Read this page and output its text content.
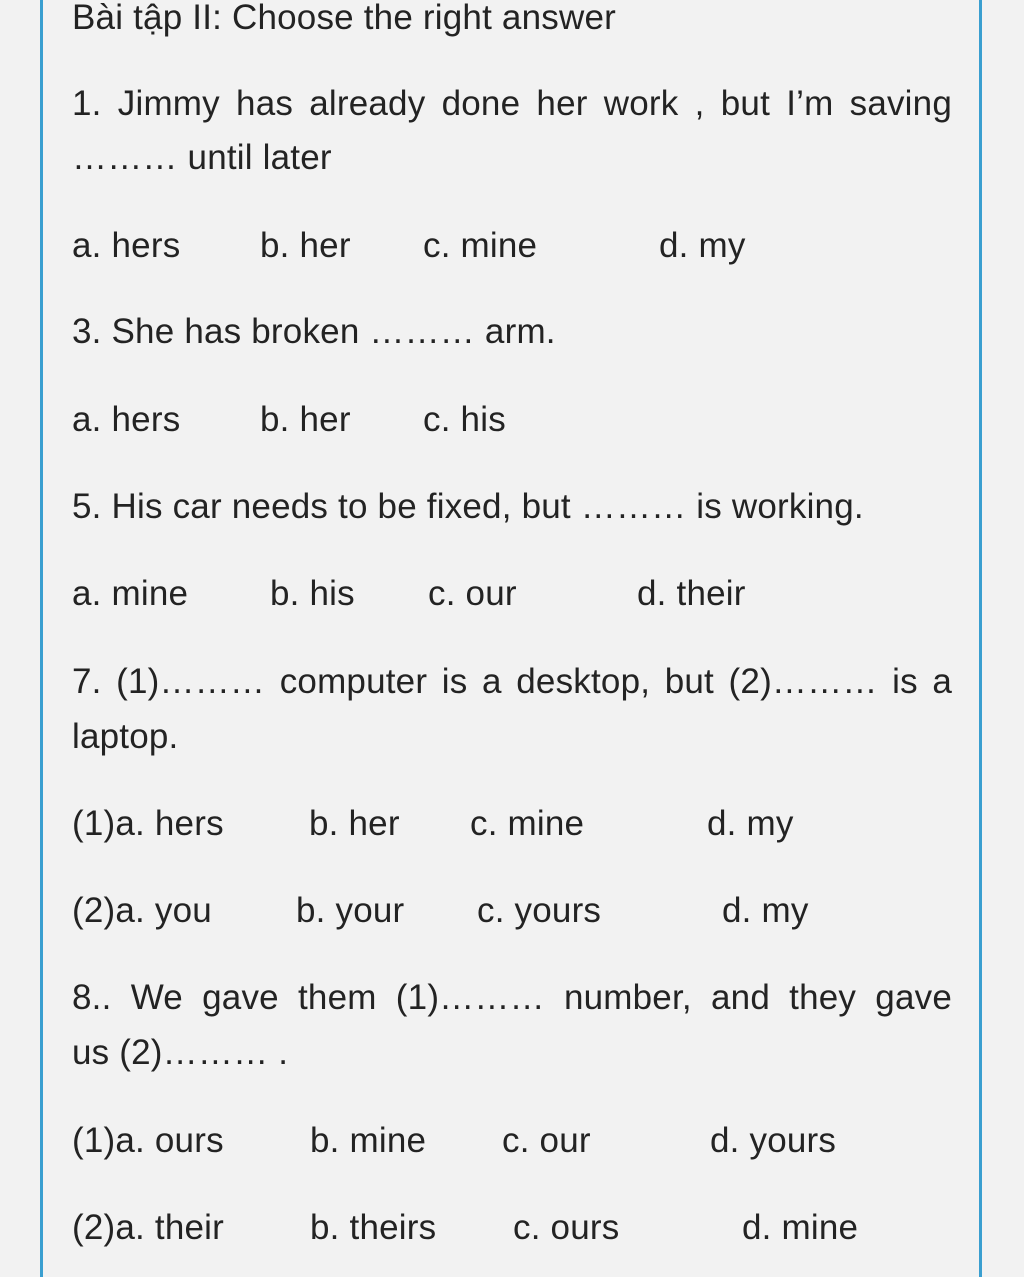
Bài tập II: Choose the right answer
1. Jimmy has already done her work , but I’m saving
……… until later
a. hers b. her c. mine	d. my
3. She has broken ……… arm.
a. hers b. her c. his
5. His car needs to be fixed, but ……… is working.
a. mine b. his c. our	d. their
7. (1)……… computer is a desktop, but (2)……… is a
laptop.
(1)a. hers b. her c. mine	d. my
(2)a. you b. your c. yours	d. my
8.. We gave them (1)……… number, and they gave
us (2)……… .
(1)a. ours b. mine c. our	d. yours
(2)a. their b. theirs c. ours	d. mine
